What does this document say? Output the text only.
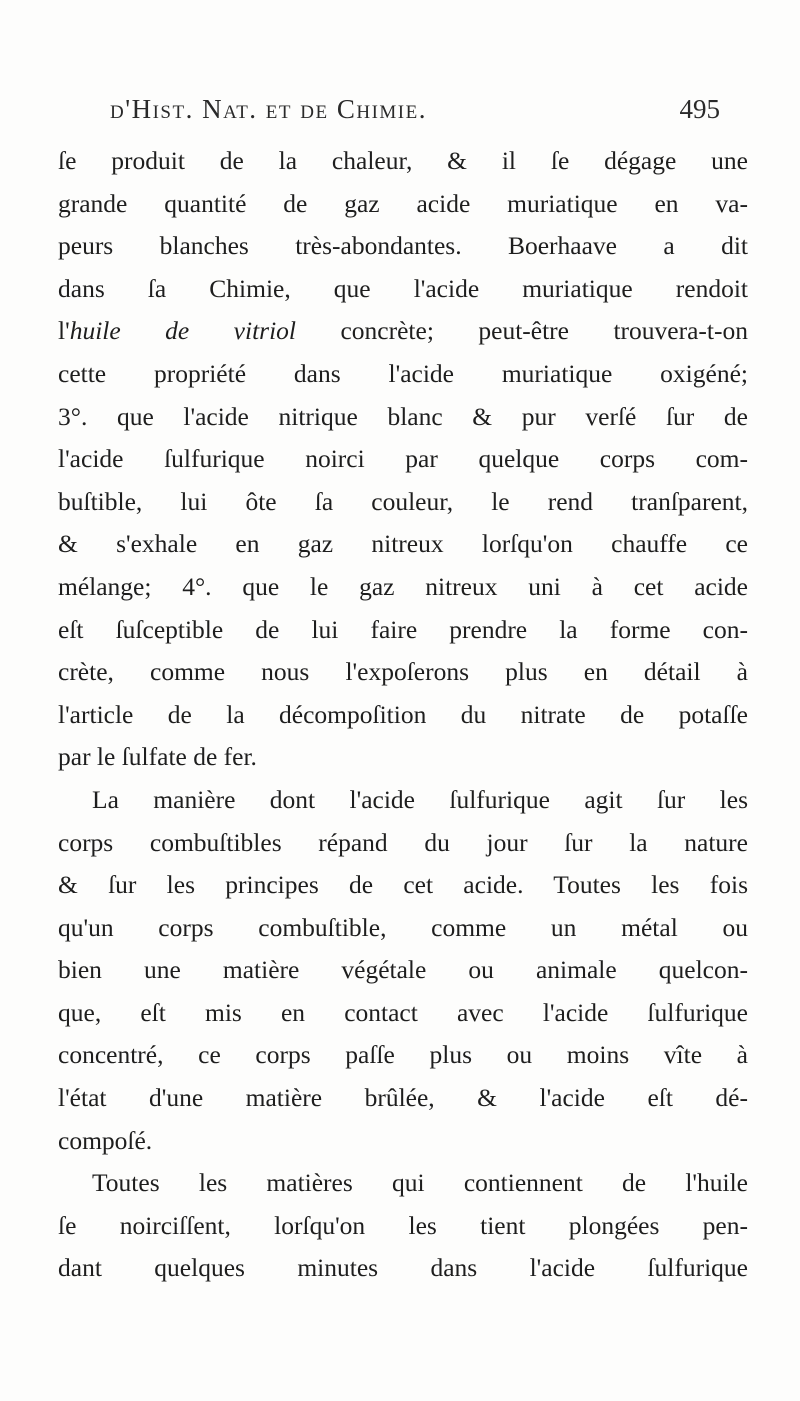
d'Hist. Nat. et de Chimie.	495
ſe produit de la chaleur, & il ſe dégage une
grande quantité de gaz acide muriatique en va-
peurs blanches très-abondantes. Boerhaave a dit
dans ſa Chimie, que l'acide muriatique rendoit
l'huile de vitriol concrète; peut-être trouvera-t-on
cette propriété dans l'acide muriatique oxigéné;
3°. que l'acide nitrique blanc & pur verſé ſur de
l'acide ſulfurique noirci par quelque corps com-
buſtible, lui ôte ſa couleur, le rend tranſparent,
& s'exhale en gaz nitreux lorſqu'on chauffe ce
mélange; 4°. que le gaz nitreux uni à cet acide
eſt ſuſceptible de lui faire prendre la forme con-
crète, comme nous l'expoſerons plus en détail à
l'article de la décompoſition du nitrate de potaſſe
par le ſulfate de fer.
La manière dont l'acide ſulfurique agit ſur les
corps combuſtibles répand du jour ſur la nature
& ſur les principes de cet acide. Toutes les fois
qu'un corps combuſtible, comme un métal ou
bien une matière végétale ou animale quelcon-
que, eſt mis en contact avec l'acide ſulfurique
concentré, ce corps paſſe plus ou moins vîte à
l'état d'une matière brûlée, & l'acide eſt dé-
compoſé.
Toutes les matières qui contiennent de l'huile
ſe noirciſſent, lorſqu'on les tient plongées pen-
dant quelques minutes dans l'acide ſulfurique
